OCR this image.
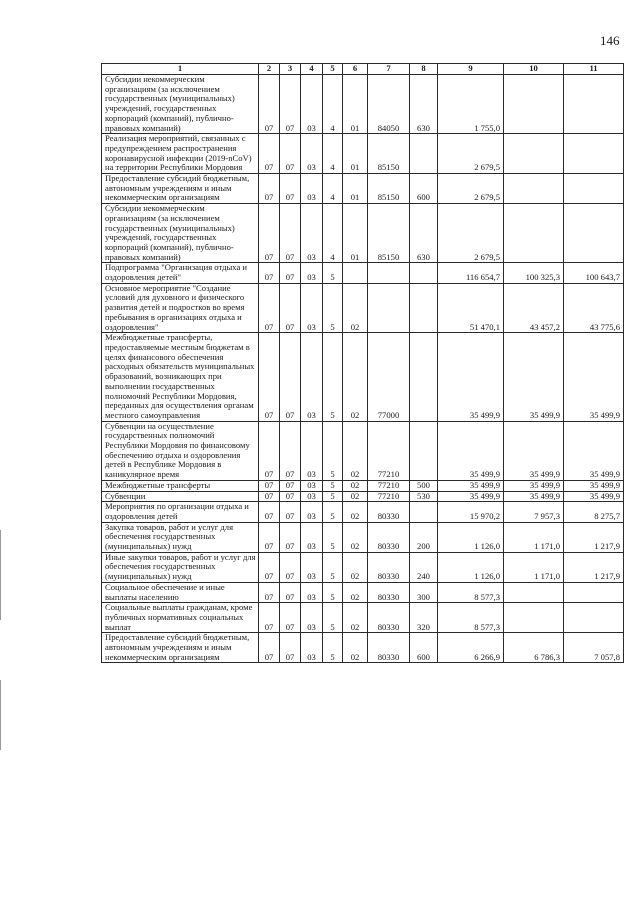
146
1	2	3	4	5	6	7	8	9	10	11
Субсидии некоммерческим организациям (за исключением государственных (муниципальных) учреждений, государственных корпораций (компаний), публично-правовых компаний)	07	07	03	4	01	84050	630	1 755,0		
Реализация мероприятий, связанных с предупреждением распространения коронавирусной инфекции (2019-nCoV) на территории Республики Мордовия	07	07	03	4	01	85150		2 679,5		
Предоставление субсидий бюджетным, автономным учреждениям и иным некоммерческим организациям	07	07	03	4	01	85150	600	2 679,5		
Субсидии некоммерческим организациям (за исключением государственных (муниципальных) учреждений, государственных корпораций (компаний), публично-правовых компаний)	07	07	03	4	01	85150	630	2 679,5		
Подпрограмма "Организация отдыха и оздоровления детей"	07	07	03	5				116 654,7	100 325,3	100 643,7
Основное мероприятие "Создание условий для духовного и физического развития детей и подростков во время пребывания в организациях отдыха и оздоровления"	07	07	03	5	02			51 470,1	43 457,2	43 775,6
Межбюджетные трансферты, предоставляемые местным бюджетам в целях финансового обеспечения расходных обязательств муниципальных образований, возникающих при выполнении государственных полномочий Республики Мордовия, переданных для осуществления органам местного самоуправления	07	07	03	5	02	77000		35 499,9	35 499,9	35 499,9
Субвенции на осуществление государственных полномочий Республики Мордовия по финансовому обеспечению отдыха и оздоровления детей в Республике Мордовия в каникулярное время	07	07	03	5	02	77210		35 499,9	35 499,9	35 499,9
Межбюджетные трансферты	07	07	03	5	02	77210	500	35 499,9	35 499,9	35 499,9
Субвенции	07	07	03	5	02	77210	530	35 499,9	35 499,9	35 499,9
Мероприятия по организации отдыха и оздоровления детей	07	07	03	5	02	80330		15 970,2	7 957,3	8 275,7
Закупка товаров, работ и услуг для обеспечения государственных (муниципальных) нужд	07	07	03	5	02	80330	200	1 126,0	1 171,0	1 217,9
Иные закупки товаров, работ и услуг для обеспечения государственных (муниципальных) нужд	07	07	03	5	02	80330	240	1 126,0	1 171,0	1 217,9
Социальное обеспечение и иные выплаты населению	07	07	03	5	02	80330	300	8 577,3		
Социальные выплаты гражданам, кроме публичных нормативных социальных выплат	07	07	03	5	02	80330	320	8 577,3		
Предоставление субсидий бюджетным, автономным учреждениям и иным некоммерческим организациям	07	07	03	5	02	80330	600	6 266,9	6 786,3	7 057,8
